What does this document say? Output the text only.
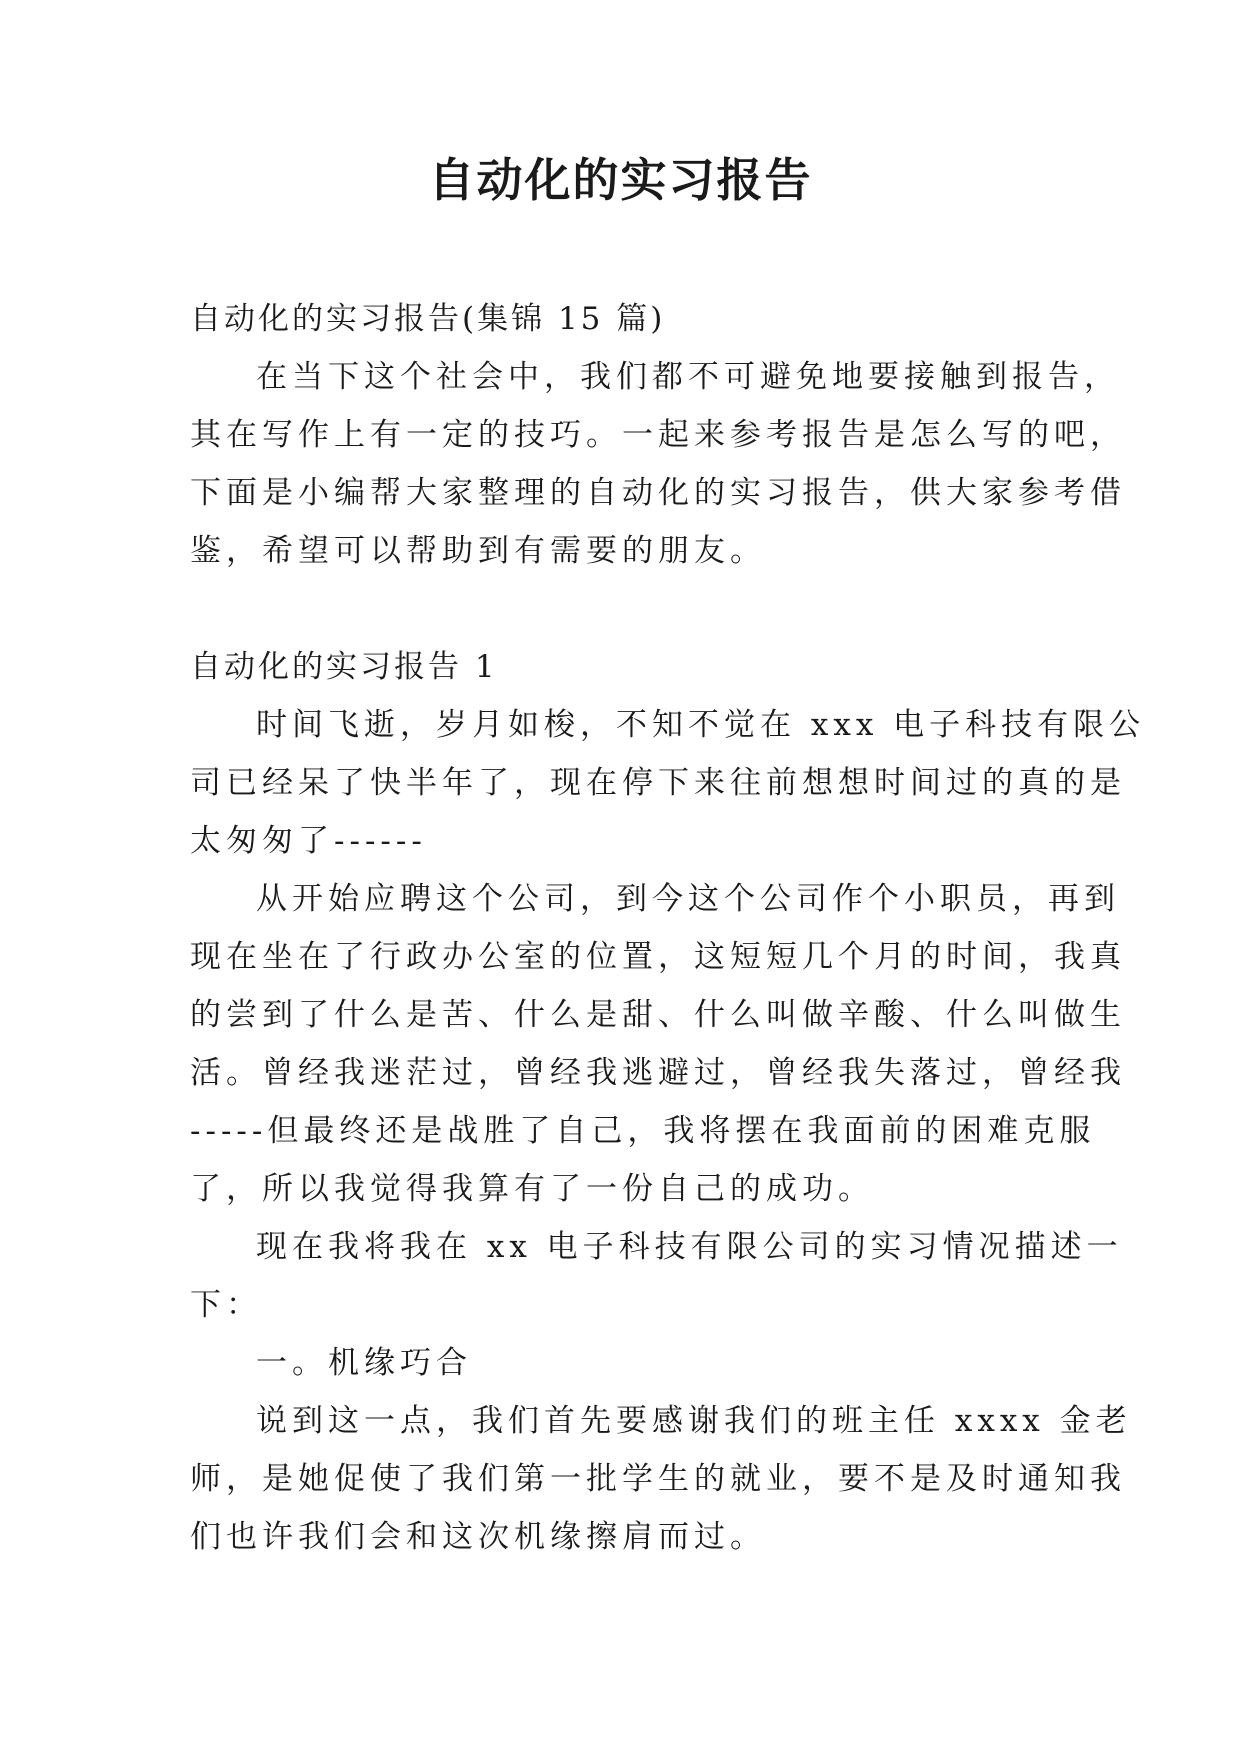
自动化的实习报告
自动化的实习报告(集锦 15 篇)
在当下这个社会中，我们都不可避免地要接触到报告，
其在写作上有一定的技巧。一起来参考报告是怎么写的吧，
下面是小编帮大家整理的自动化的实习报告，供大家参考借
鉴，希望可以帮助到有需要的朋友。
自动化的实习报告 1
时间飞逝，岁月如梭，不知不觉在 xxx 电子科技有限公
司已经呆了快半年了，现在停下来往前想想时间过的真的是
太匆匆了------
从开始应聘这个公司，到今这个公司作个小职员，再到
现在坐在了行政办公室的位置，这短短几个月的时间，我真
的尝到了什么是苦、什么是甜、什么叫做辛酸、什么叫做生
活。曾经我迷茫过，曾经我逃避过，曾经我失落过，曾经我
-----但最终还是战胜了自己，我将摆在我面前的困难克服
了，所以我觉得我算有了一份自己的成功。
现在我将我在 xx 电子科技有限公司的实习情况描述一
下：
一。机缘巧合
说到这一点，我们首先要感谢我们的班主任 xxxx 金老
师，是她促使了我们第一批学生的就业，要不是及时通知我
们也许我们会和这次机缘擦肩而过。
